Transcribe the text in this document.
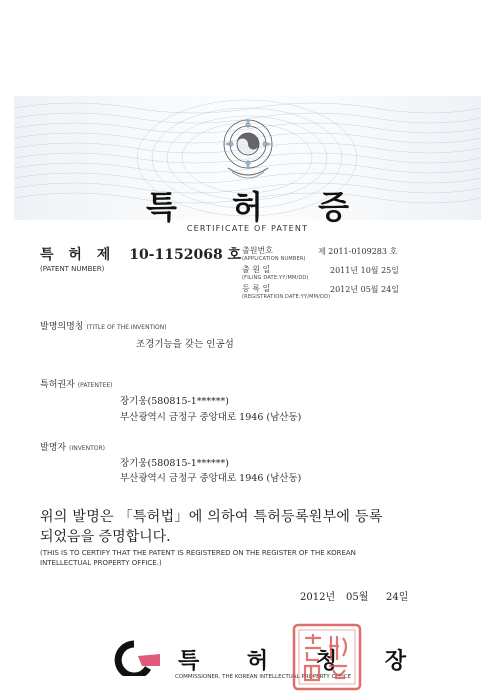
특 허 증
CERTIFICATE OF PATENT
특 허 제 10-1152068 호
(PATENT NUMBER)
출원번호
(APPLICATION NUMBER)
제 2011-0109283 호
출 원 일
(FILING DATE:YY/MM/DD)
2011년 10월 25일
등 록 일
(REGISTRATION DATE:YY/MM/DD)
2012년 05월 24일
발명의명칭 (TITLE OF THE INVENTION)
조경기능을 갖는 인공섬
특허권자 (PATENTEE)
장기웅(580815-1******)
부산광역시 금정구 중앙대로 1946 (남산동)
발명자 (INVENTOR)
장기웅(580815-1******)
부산광역시 금정구 중앙대로 1946 (남산동)
위의 발명은 「특허법」에 의하여 특허등록원부에 등록
되었음을 증명합니다.
(THIS IS TO CERTIFY THAT THE PATENT IS REGISTERED ON THE REGISTER OF THE KOREAN
INTELLECTUAL PROPERTY OFFICE.)
2012년 05월 24일
특 허 청 장
COMMISSIONER, THE KOREAN INTELLECTUAL PROPERTY OFFICE
